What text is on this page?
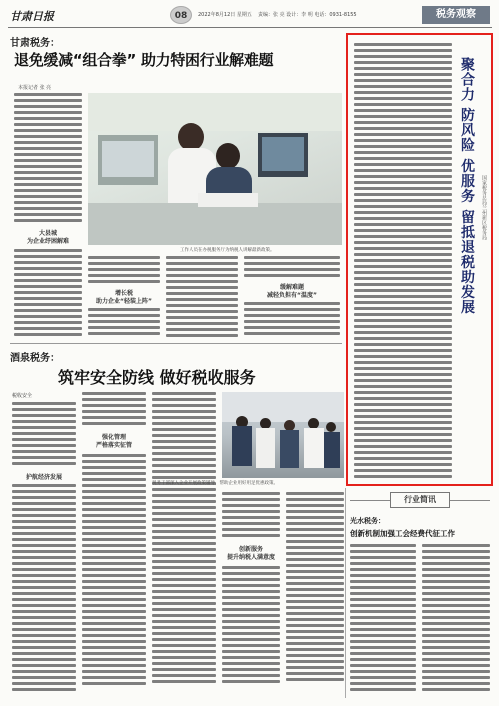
甘肃日报	08	2022年8月12日 星期五 责编：张 亮 设计：李 明 电话：0931-8155	税务观察
甘肃税务：
退免缓减“组合拳” 助力特困行业解难题
本报记者 张 亮
大县城
为企业纾困解难
工作人员在办税服务厅为纳税人讲解最新政策。
增长税
助力企业“轻装上阵”
缓解难题
减轻负担有“温度”
酒泉税务：
筑牢安全防线 做好税收服务
税收安全
护航经济发展
强化管理
严格落实征管
税务干部深入企业开展政策辅导，帮助企业用好用足优惠政策。
创新服务
提升纳税人满意度
聚合力 防风险 优服务 留抵退税助发展 国家税务总局兰州新区税务局
行业简讯
光水税务：
创新机制加强工会经费代征工作
